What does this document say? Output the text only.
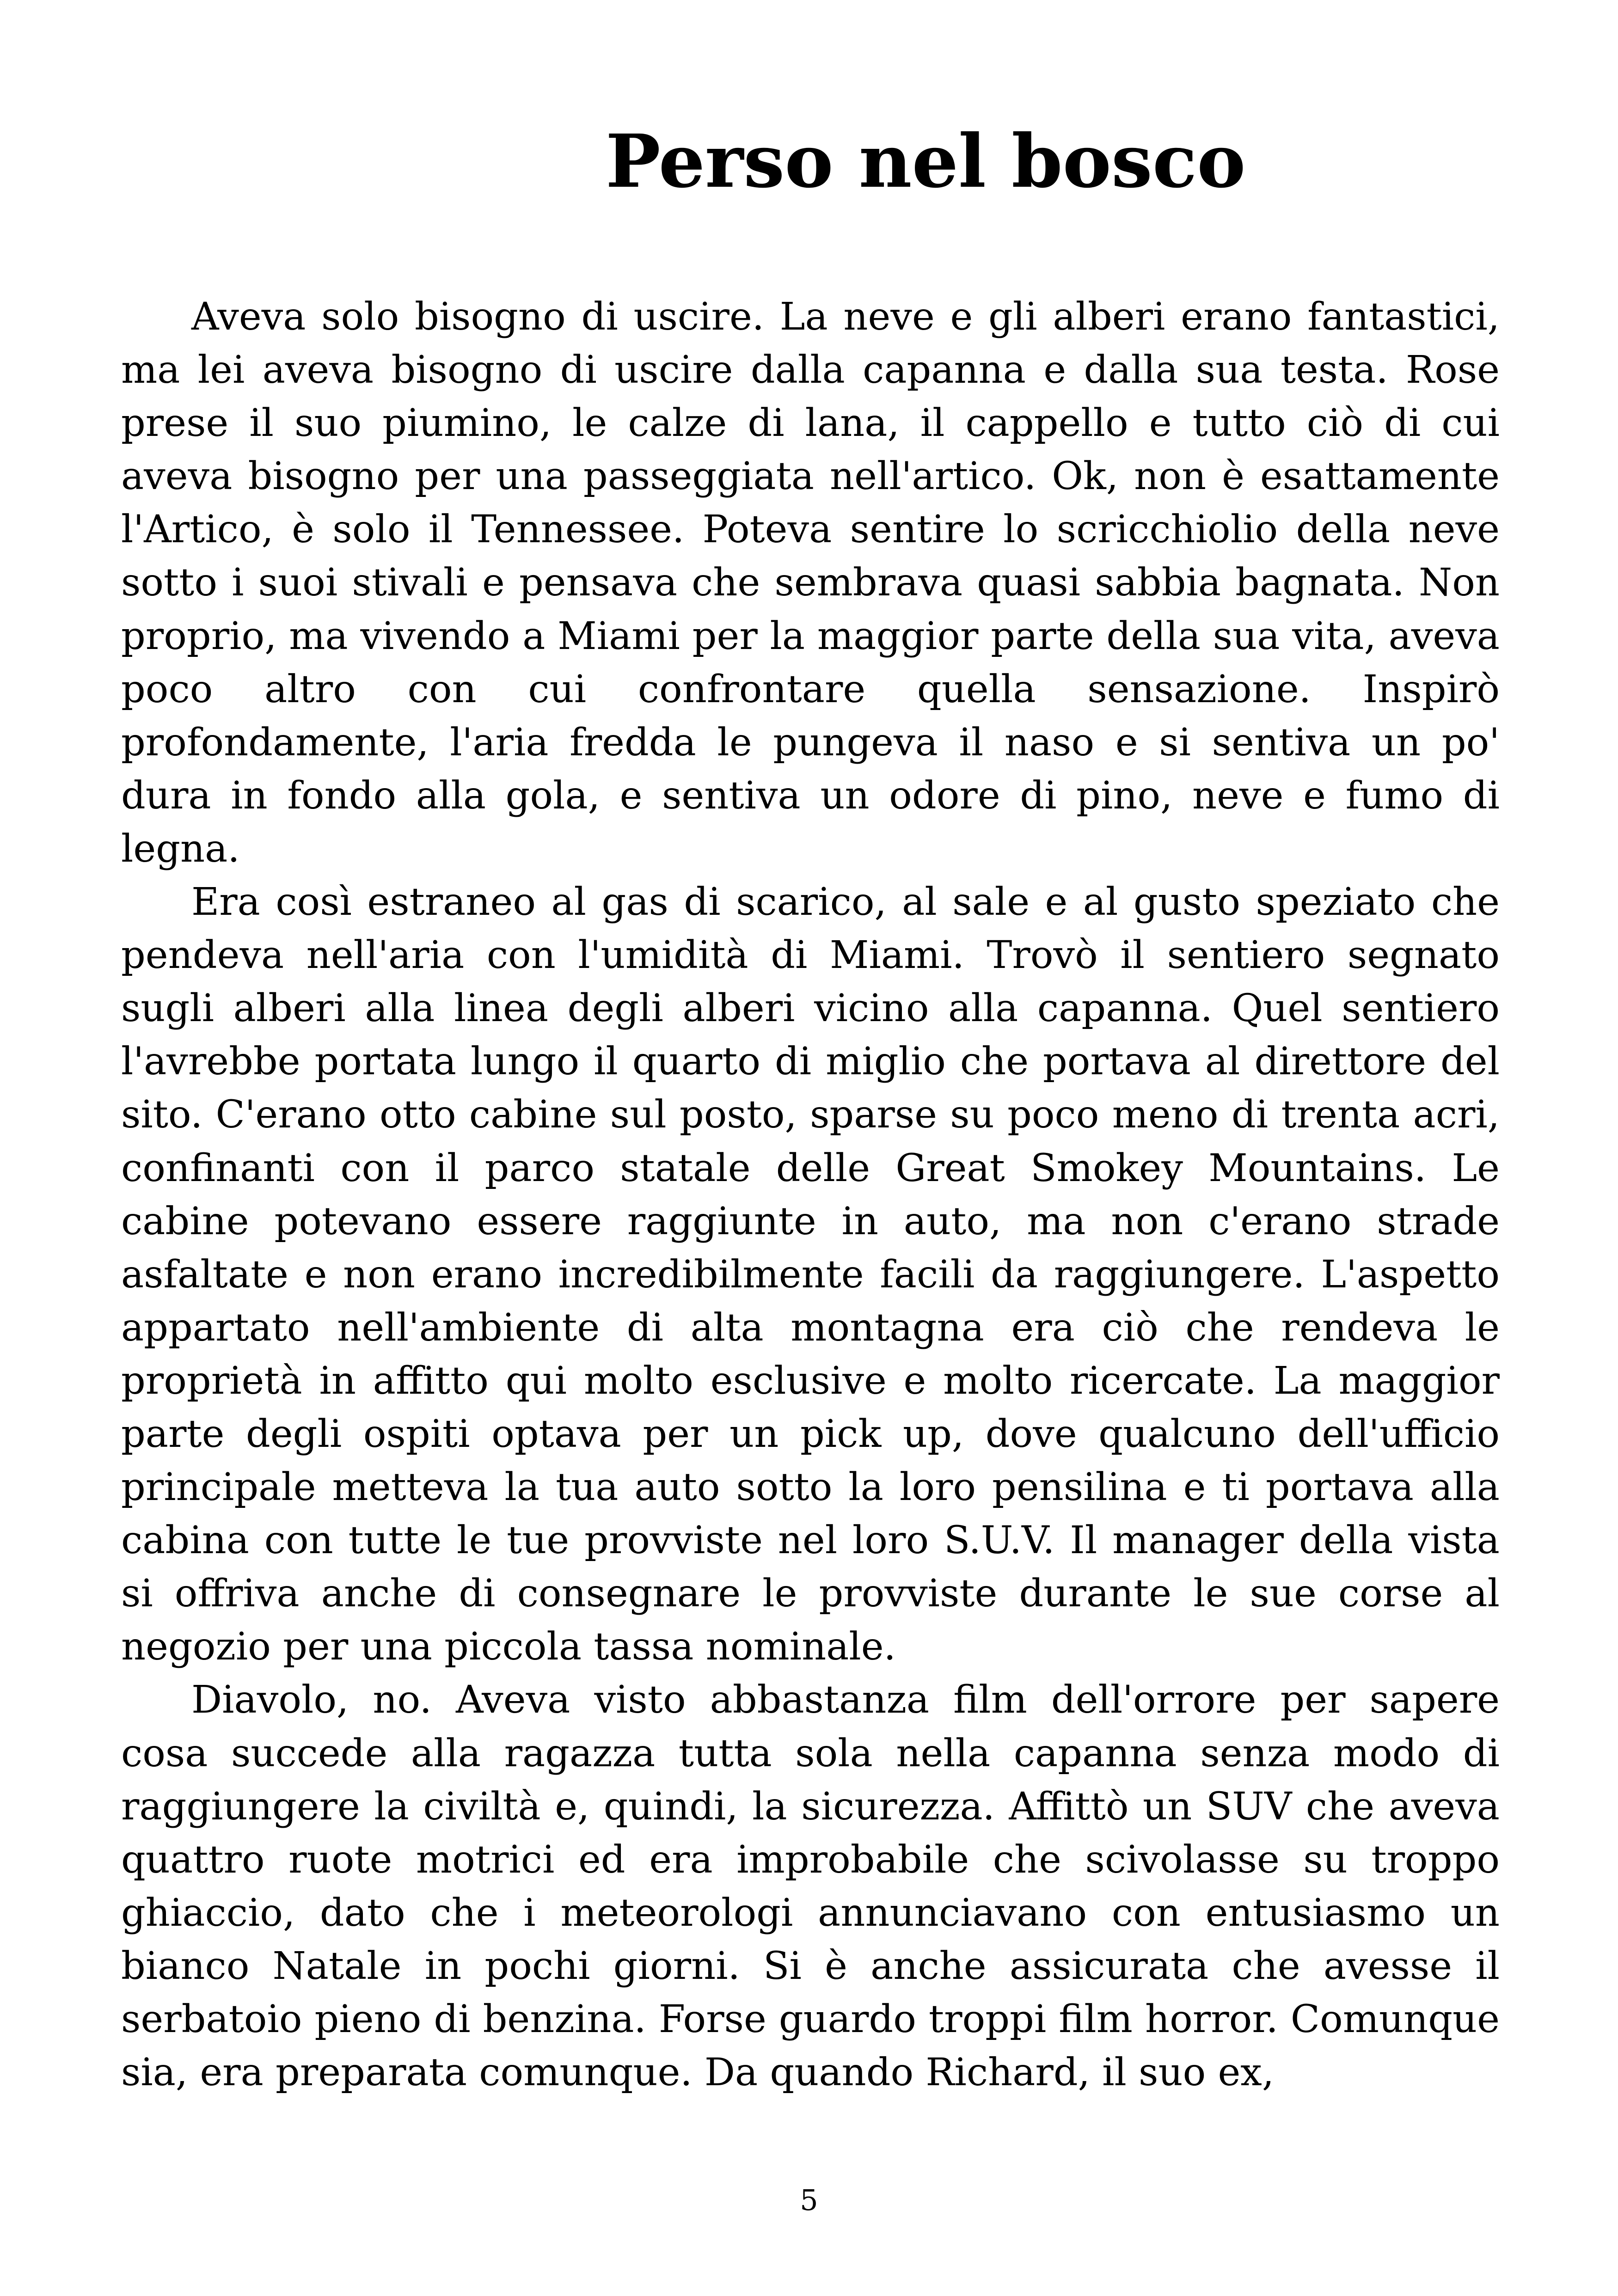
Perso nel bosco

Aveva solo bisogno di uscire. La neve e gli alberi erano fantastici, ma lei aveva bisogno di uscire dalla capanna e dalla sua testa. Rose prese il suo piumino, le calze di lana, il cappello e tutto ciò di cui aveva bisogno per una passeggiata nell'artico. Ok, non è esattamente l'Artico, è solo il Tennessee. Poteva sentire lo scricchiolio della neve sotto i suoi stivali e pensava che sembrava quasi sabbia bagnata. Non proprio, ma vivendo a Miami per la maggior parte della sua vita, aveva poco altro con cui confrontare quella sensazione. Inspirò profondamente, l'aria fredda le pungeva il naso e si sentiva un po' dura in fondo alla gola, e sentiva un odore di pino, neve e fumo di legna.

Era così estraneo al gas di scarico, al sale e al gusto speziato che pendeva nell'aria con l'umidità di Miami. Trovò il sentiero segnato sugli alberi alla linea degli alberi vicino alla capanna. Quel sentiero l'avrebbe portata lungo il quarto di miglio che portava al direttore del sito. C'erano otto cabine sul posto, sparse su poco meno di trenta acri, confinanti con il parco statale delle Great Smokey Mountains. Le cabine potevano essere raggiunte in auto, ma non c'erano strade asfaltate e non erano incredibilmente facili da raggiungere. L'aspetto appartato nell'ambiente di alta montagna era ciò che rendeva le proprietà in affitto qui molto esclusive e molto ricercate. La maggior parte degli ospiti optava per un pick up, dove qualcuno dell'ufficio principale metteva la tua auto sotto la loro pensilina e ti portava alla cabina con tutte le tue provviste nel loro S.U.V. Il manager della vista si offriva anche di consegnare le provviste durante le sue corse al negozio per una piccola tassa nominale.

Diavolo, no. Aveva visto abbastanza film dell'orrore per sapere cosa succede alla ragazza tutta sola nella capanna senza modo di raggiungere la civiltà e, quindi, la sicurezza. Affittò un SUV che aveva quattro ruote motrici ed era improbabile che scivolasse su troppo ghiaccio, dato che i meteorologi annunciavano con entusiasmo un bianco Natale in pochi giorni. Si è anche assicurata che avesse il serbatoio pieno di benzina. Forse guardo troppi film horror. Comunque sia, era preparata comunque. Da quando Richard, il suo ex,

5
